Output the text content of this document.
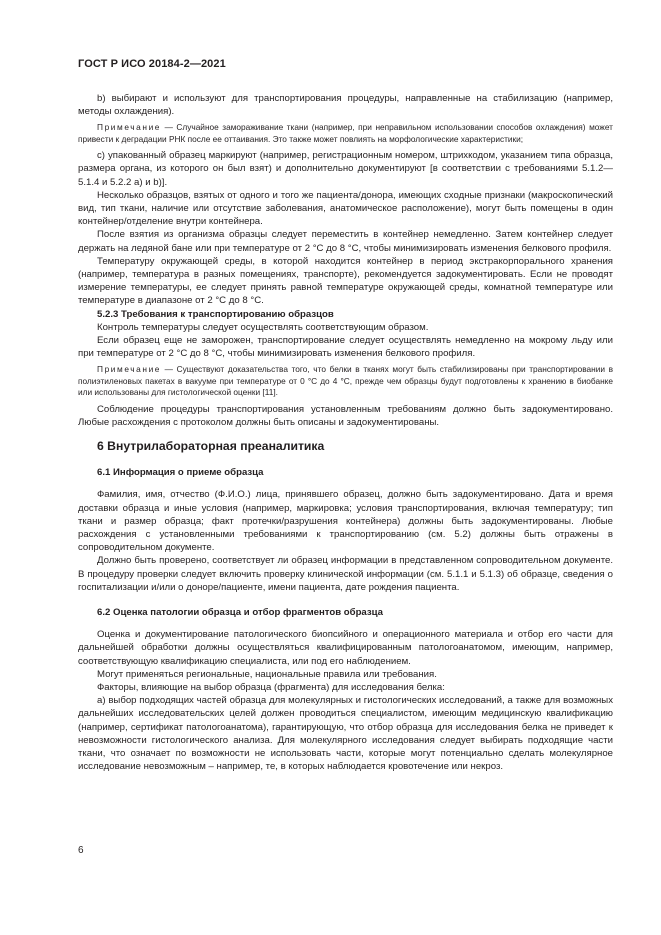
ГОСТ Р ИСО 20184-2—2021

b) выбирают и используют для транспортирования процедуры, направленные на стабилизацию (например, методы охлаждения).

Примечание — Случайное замораживание ткани (например, при неправильном использовании способов охлаждения) может привести к деградации РНК после ее оттаивания. Это также может повлиять на морфологические характеристики;

c) упакованный образец маркируют (например, регистрационным номером, штрихкодом, указанием типа образца, размера органа, из которого он был взят) и дополнительно документируют [в соответствии с требованиями 5.1.2—5.1.4 и 5.2.2 а) и b)].

Несколько образцов, взятых от одного и того же пациента/донора, имеющих сходные признаки (макроскопический вид, тип ткани, наличие или отсутствие заболевания, анатомическое расположение), могут быть помещены в один контейнер/отделение внутри контейнера.

После взятия из организма образцы следует переместить в контейнер немедленно. Затем контейнер следует держать на ледяной бане или при температуре от 2 °С до 8 °С, чтобы минимизировать изменения белкового профиля.

Температуру окружающей среды, в которой находится контейнер в период экстракорпорального хранения (например, температура в разных помещениях, транспорте), рекомендуется задокументировать. Если не проводят измерение температуры, ее следует принять равной температуре окружающей среды, комнатной температуре или температуре в диапазоне от 2 °С до 8 °С.

5.2.3 Требования к транспортированию образцов

Контроль температуры следует осуществлять соответствующим образом.

Если образец еще не заморожен, транспортирование следует осуществлять немедленно на мокрому льду или при температуре от 2 °С до 8 °С, чтобы минимизировать изменения белкового профиля.

Примечание — Существуют доказательства того, что белки в тканях могут быть стабилизированы при транспортировании в полиэтиленовых пакетах в вакууме при температуре от 0 °С до 4 °С, прежде чем образцы будут подготовлены к хранению в биобанке или использованы для гистологической оценки [11].

Соблюдение процедуры транспортирования установленным требованиям должно быть задокументировано. Любые расхождения с протоколом должны быть описаны и задокументированы.

6 Внутрилабораторная преаналитика
6.1 Информация о приеме образца

Фамилия, имя, отчество (Ф.И.О.) лица, принявшего образец, должно быть задокументировано. Дата и время доставки образца и иные условия (например, маркировка; условия транспортирования, включая температуру; тип ткани и размер образца; факт протечки/разрушения контейнера) должны быть задокументированы. Любые расхождения с установленными требованиями к транспортированию (см. 5.2) должны быть отражены в сопроводительном документе.

Должно быть проверено, соответствует ли образец информации в представленном сопроводительном документе. В процедуру проверки следует включить проверку клинической информации (см. 5.1.1 и 5.1.3) об образце, сведения о госпитализации и/или о доноре/пациенте, имени пациента, дате рождения пациента.

6.2 Оценка патологии образца и отбор фрагментов образца

Оценка и документирование патологического биопсийного и операционного материала и отбор его части для дальнейшей обработки должны осуществляться квалифицированным патологоанатомом, имеющим, например, соответствующую квалификацию специалиста, или под его наблюдением.

Могут применяться региональные, национальные правила или требования.

Факторы, влияющие на выбор образца (фрагмента) для исследования белка:

а) выбор подходящих частей образца для молекулярных и гистологических исследований, а также для возможных дальнейших исследовательских целей должен проводиться специалистом, имеющим медицинскую квалификацию (например, сертификат патологоанатома), гарантирующую, что отбор образца для исследования белка не приведет к невозможности гистологического анализа. Для молекулярного исследования следует выбирать подходящие части ткани, что означает по возможности не использовать части, которые могут потенциально сделать молекулярное исследование невозможным – например, те, в которых наблюдается кровотечение или некроз.

6
